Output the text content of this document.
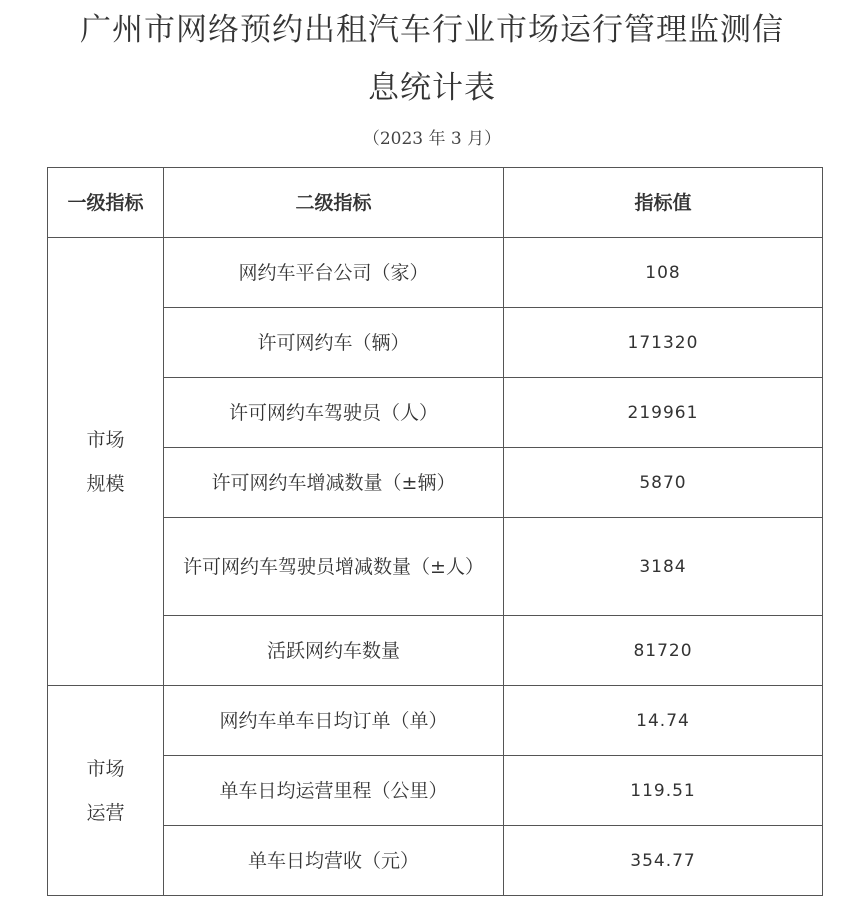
广州市网络预约出租汽车行业市场运行管理监测信
息统计表
（2023 年 3 月）
一级指标	二级指标	指标值

市场
规模	网约车平台公司（家）	108
	许可网约车（辆）	171320
	许可网约车驾驶员（人）	219961
	许可网约车增减数量（±辆）	5870
	许可网约车驾驶员增减数量（±人）	3184
	活跃网约车数量	81720

市场
运营	网约车单车日均订单（单）	14.74
	单车日均运营里程（公里）	119.51
	单车日均营收（元）	354.77
